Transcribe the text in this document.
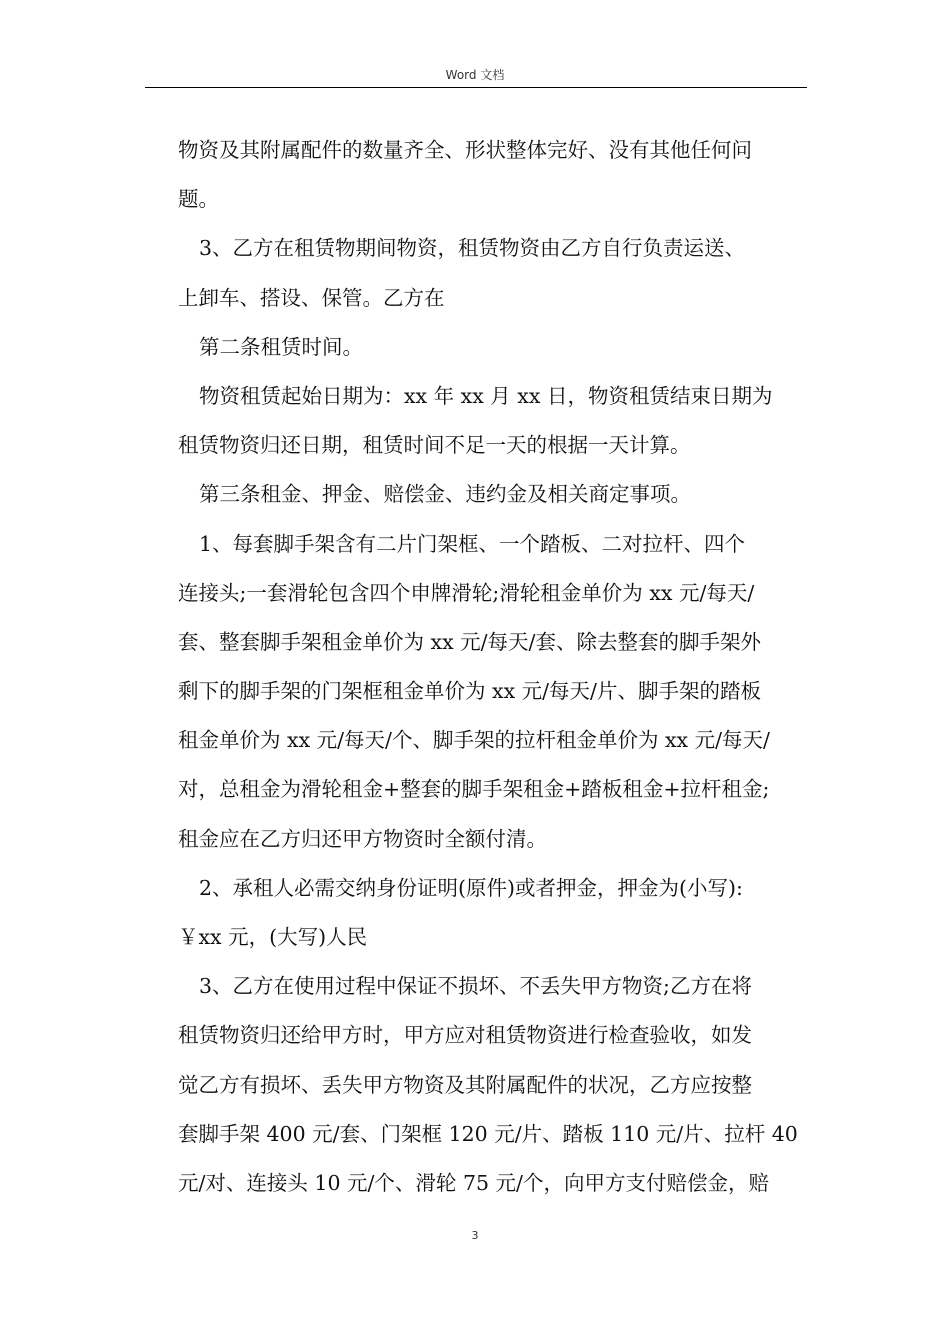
Word 文档
物资及其附属配件的数量齐全、形状整体完好、没有其他任何问
题。
3、乙方在租赁物期间物资，租赁物资由乙方自行负责运送、
上卸车、搭设、保管。乙方在
第二条租赁时间。
物资租赁起始日期为：xx 年 xx 月 xx 日，物资租赁结束日期为
租赁物资归还日期，租赁时间不足一天的根据一天计算。
第三条租金、押金、赔偿金、违约金及相关商定事项。
1、每套脚手架含有二片门架框、一个踏板、二对拉杆、四个
连接头;一套滑轮包含四个申牌滑轮;滑轮租金单价为 xx 元/每天/
套、整套脚手架租金单价为 xx 元/每天/套、除去整套的脚手架外
剩下的脚手架的门架框租金单价为 xx 元/每天/片、脚手架的踏板
租金单价为 xx 元/每天/个、脚手架的拉杆租金单价为 xx 元/每天/
对，总租金为滑轮租金+整套的脚手架租金+踏板租金+拉杆租金;
租金应在乙方归还甲方物资时全额付清。
2、承租人必需交纳身份证明(原件)或者押金，押金为(小写):
￥xx 元，(大写)人民
3、乙方在使用过程中保证不损坏、不丢失甲方物资;乙方在将
租赁物资归还给甲方时，甲方应对租赁物资进行检查验收，如发
觉乙方有损坏、丢失甲方物资及其附属配件的状况，乙方应按整
套脚手架 400 元/套、门架框 120 元/片、踏板 110 元/片、拉杆 40
元/对、连接头 10 元/个、滑轮 75 元/个，向甲方支付赔偿金，赔
3
